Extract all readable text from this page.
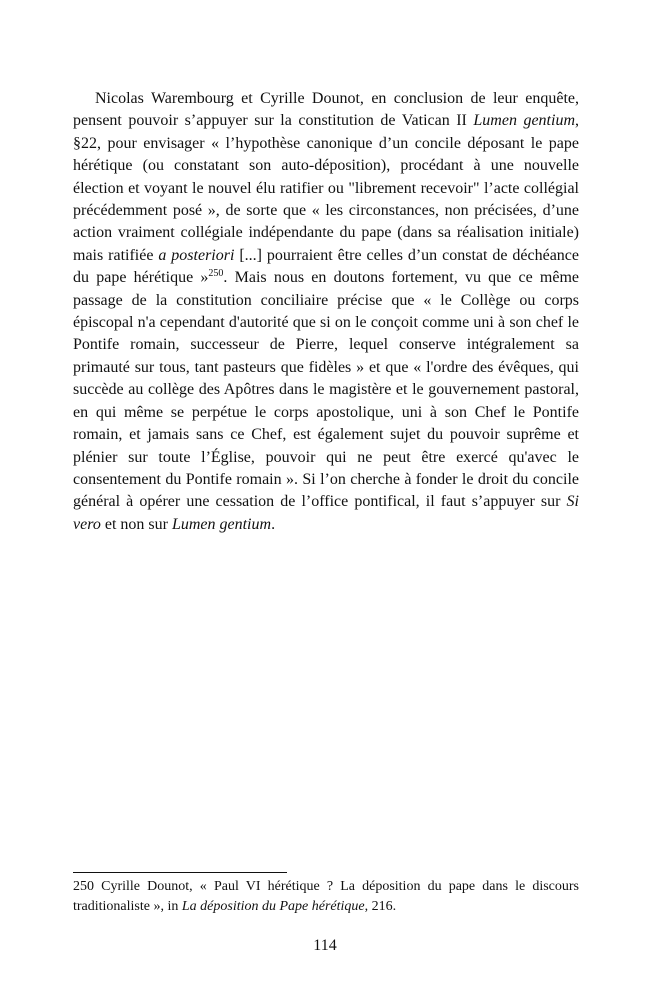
Nicolas Warembourg et Cyrille Dounot, en conclusion de leur enquête, pensent pouvoir s’appuyer sur la constitution de Vatican II Lumen gentium, §22, pour envisager « l’hypothèse canonique d’un concile déposant le pape hérétique (ou constatant son auto-déposition), procédant à une nouvelle élection et voyant le nouvel élu ratifier ou "librement recevoir" l’acte collégial précédemment posé », de sorte que « les circonstances, non précisées, d’une action vraiment collégiale indépendante du pape (dans sa réalisation initiale) mais ratifiée a posteriori [...] pourraient être celles d’un constat de déchéance du pape hérétique »$^{250}$. Mais nous en doutons fortement, vu que ce même passage de la constitution conciliaire précise que « le Collège ou corps épiscopal n'a cependant d'autorité que si on le conçoit comme uni à son chef le Pontife romain, successeur de Pierre, lequel conserve intégralement sa primauté sur tous, tant pasteurs que fidèles » et que « l'ordre des évêques, qui succède au collège des Apôtres dans le magistère et le gouvernement pastoral, en qui même se perpétue le corps apostolique, uni à son Chef le Pontife romain, et jamais sans ce Chef, est également sujet du pouvoir suprême et plénier sur toute l’Église, pouvoir qui ne peut être exercé qu'avec le consentement du Pontife romain ». Si l’on cherche à fonder le droit du concile général à opérer une cessation de l’office pontifical, il faut s’appuyer sur Si vero et non sur Lumen gentium.

250 Cyrille Dounot, « Paul VI hérétique ? La déposition du pape dans le discours traditionaliste », in La déposition du Pape hérétique, 216.

114
